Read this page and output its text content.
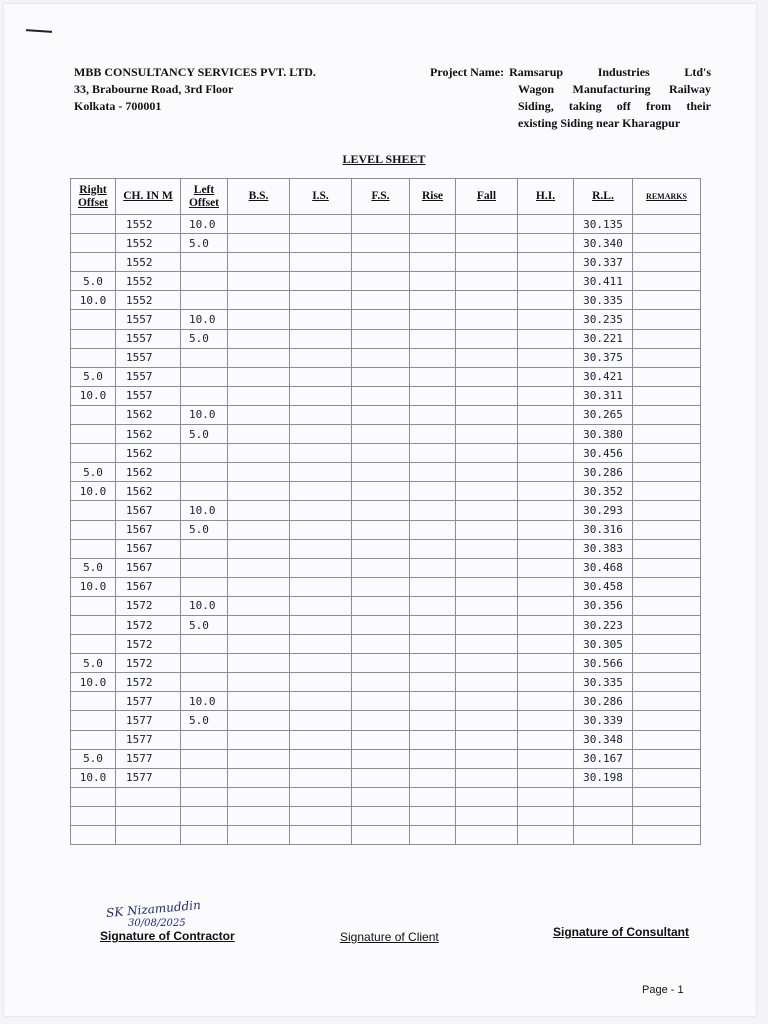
MBB CONSULTANCY SERVICES PVT. LTD.
33, Brabourne Road, 3rd Floor
Kolkata - 700001
Project Name: Ramsarup Industries Ltd's
Wagon Manufacturing Railway
Siding, taking off from their
existing Siding near Kharagpur
LEVEL SHEET
Right Offset	CH. IN M	Left Offset	B.S.	I.S.	F.S.	Rise	Fall	H.I.	R.L.	REMARKS
	1552	10.0							30.135	
	1552	5.0							30.340	
	1552								30.337	
5.0	1552								30.411	
10.0	1552								30.335	
	1557	10.0							30.235	
	1557	5.0							30.221	
	1557								30.375	
5.0	1557								30.421	
10.0	1557								30.311	
	1562	10.0							30.265	
	1562	5.0							30.380	
	1562								30.456	
5.0	1562								30.286	
10.0	1562								30.352	
	1567	10.0							30.293	
	1567	5.0							30.316	
	1567								30.383	
5.0	1567								30.468	
10.0	1567								30.458	
	1572	10.0							30.356	
	1572	5.0							30.223	
	1572								30.305	
5.0	1572								30.566	
10.0	1572								30.335	
	1577	10.0							30.286	
	1577	5.0							30.339	
	1577								30.348	
5.0	1577								30.167	
10.0	1577								30.198	

SK Nizamuddin
30/08/2025
Signature of Contractor	Signature of Client	Signature of Consultant
Page - 1
